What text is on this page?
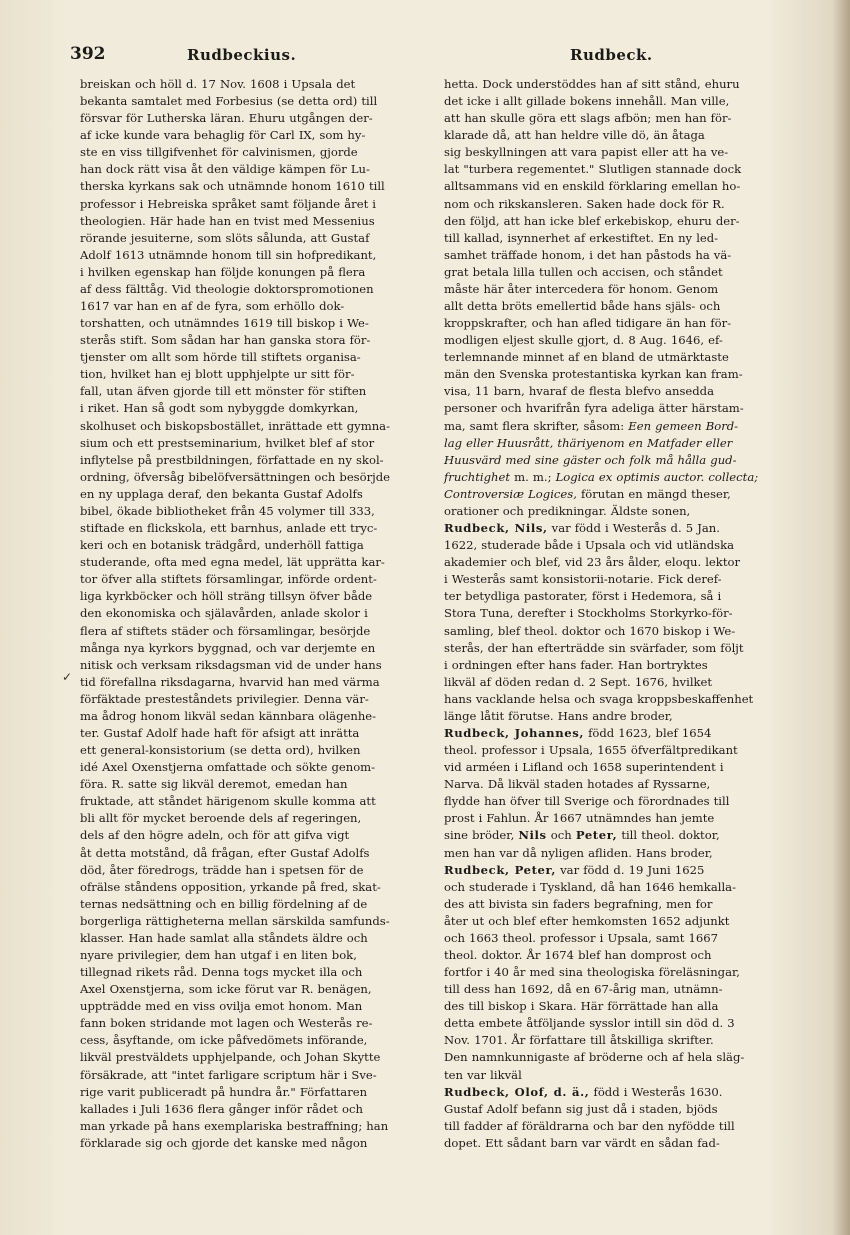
392	Rudbeckius.	Rudbeck.
✓
breiskan och höll d. 17 Nov. 1608 i Upsala det
bekanta samtalet med Forbesius (se detta ord) till
försvar för Lutherska läran. Ehuru utgången der-
af icke kunde vara behaglig för Carl IX, som hy-
ste en viss tillgifvenhet för calvinismen, gjorde
han dock rätt visa åt den väldige kämpen för Lu-
therska kyrkans sak och utnämnde honom 1610 till
professor i Hebreiska språket samt följande året i
theologien. Här hade han en tvist med Messenius
rörande jesuiterne, som slöts sålunda, att Gustaf
Adolf 1613 utnämnde honom till sin hofpredikant,
i hvilken egenskap han följde konungen på flera
af dess fälttåg. Vid theologie doktorspromotionen
1617 var han en af de fyra, som erhöllo dok-
torshatten, och utnämndes 1619 till biskop i We-
sterås stift. Som sådan har han ganska stora för-
tjenster om allt som hörde till stiftets organisa-
tion, hvilket han ej blott upphjelpte ur sitt för-
fall, utan äfven gjorde till ett mönster för stiften
i riket. Han så godt som nybyggde domkyrkan,
skolhuset och biskopsbostället, inrättade ett gymna-
sium och ett prestseminarium, hvilket blef af stor
inflytelse på prestbildningen, författade en ny skol-
ordning, öfversåg bibelöfversättningen och besörjde
en ny upplaga deraf, den bekanta Gustaf Adolfs
bibel, ökade bibliotheket från 45 volymer till 333,
stiftade en flickskola, ett barnhus, anlade ett tryc-
keri och en botanisk trädgård, underhöll fattiga
studerande, ofta med egna medel, lät upprätta kar-
tor öfver alla stiftets församlingar, införde ordent-
liga kyrkböcker och höll sträng tillsyn öfver både
den ekonomiska och själavården, anlade skolor i
flera af stiftets städer och församlingar, besörjde
många nya kyrkors byggnad, och var derjemte en
nitisk och verksam riksdagsman vid de under hans
tid förefallna riksdagarna, hvarvid han med värma
förfäktade presteståndets privilegier. Denna vär-
ma ådrog honom likväl sedan kännbara olägenhe-
ter. Gustaf Adolf hade haft för afsigt att inrätta
ett general-konsistorium (se detta ord), hvilken
idé Axel Oxenstjerna omfattade och sökte genom-
föra. R. satte sig likväl deremot, emedan han
fruktade, att ståndet härigenom skulle komma att
bli allt för mycket beroende dels af regeringen,
dels af den högre adeln, och för att gifva vigt
åt detta motstånd, då frågan, efter Gustaf Adolfs
död, åter föredrogs, trädde han i spetsen för de
ofrälse ståndens opposition, yrkande på fred, skat-
ternas nedsättning och en billig fördelning af de
borgerliga rättigheterna mellan särskilda samfunds-
klasser. Han hade samlat alla ståndets äldre och
nyare privilegier, dem han utgaf i en liten bok,
tillegnad rikets råd. Denna togs mycket illa och
Axel Oxenstjerna, som icke förut var R. benägen,
uppträdde med en viss ovilja emot honom. Man
fann boken stridande mot lagen och Westerås re-
cess, åsyftande, om icke påfvedömets införande,
likväl prestväldets upphjelpande, och Johan Skytte
försäkrade, att "intet farligare scriptum här i Sve-
rige varit publiceradt på hundra år." Författaren
kallades i Juli 1636 flera gånger inför rådet och
man yrkade på hans exemplariska bestraffning; han
förklarade sig och gjorde det kanske med någon
hetta. Dock understöddes han af sitt stånd, ehuru
det icke i allt gillade bokens innehåll. Man ville,
att han skulle göra ett slags afbön; men han för-
klarade då, att han heldre ville dö, än åtaga
sig beskyllningen att vara papist eller att ha ve-
lat "turbera regementet." Slutligen stannade dock
alltsammans vid en enskild förklaring emellan ho-
nom och rikskansleren. Saken hade dock för R.
den följd, att han icke blef erkebiskop, ehuru der-
till kallad, isynnerhet af erkestiftet. En ny led-
samhet träffade honom, i det han påstods ha vä-
grat betala lilla tullen och accisen, och ståndet
måste här åter intercedera för honom. Genom
allt detta bröts emellertid både hans själs- och
kroppskrafter, och han afled tidigare än han för-
modligen eljest skulle gjort, d. 8 Aug. 1646, ef-
terlemnande minnet af en bland de utmärktaste
män den Svenska protestantiska kyrkan kan fram-
visa, 11 barn, hvaraf de flesta blefvo ansedda
personer och hvarifrån fyra adeliga ätter härstam-
ma, samt flera skrifter, såsom: Een gemeen Bord-
lag eller Huusrått, thäriyenom en Matfader eller
Huusvärd med sine gäster och folk må hålla gud-
fruchtighet m. m.; Logica ex optimis auctor. collecta;
Controversiæ Logices, förutan en mängd theser,
orationer och predikningar. Äldste sonen,
Rudbeck, Nils, var född i Westerås d. 5 Jan.
1622, studerade både i Upsala och vid utländska
akademier och blef, vid 23 års ålder, eloqu. lektor
i Westerås samt konsistorii-notarie. Fick deref-
ter betydliga pastorater, först i Hedemora, så i
Stora Tuna, derefter i Stockholms Storkyrko-för-
samling, blef theol. doktor och 1670 biskop i We-
sterås, der han efterträdde sin svärfader, som följt
i ordningen efter hans fader. Han bortryktes
likväl af döden redan d. 2 Sept. 1676, hvilket
hans vacklande helsa och svaga kroppsbeskaffenhet
länge låtit förutse. Hans andre broder,
Rudbeck, Johannes, född 1623, blef 1654
theol. professor i Upsala, 1655 öfverfältpredikant
vid arméen i Lifland och 1658 superintendent i
Narva. Då likväl staden hotades af Ryssarne,
flydde han öfver till Sverige och förordnades till
prost i Fahlun. År 1667 utnämndes han jemte
sine bröder, Nils och Peter, till theol. doktor,
men han var då nyligen afliden. Hans broder,
Rudbeck, Peter, var född d. 19 Juni 1625
och studerade i Tyskland, då han 1646 hemkalla-
des att bivista sin faders begrafning, men for
åter ut och blef efter hemkomsten 1652 adjunkt
och 1663 theol. professor i Upsala, samt 1667
theol. doktor. År 1674 blef han domprost och
fortfor i 40 år med sina theologiska föreläsningar,
till dess han 1692, då en 67-årig man, utnämn-
des till biskop i Skara. Här förrättade han alla
detta embete åtföljande sysslor intill sin död d. 3
Nov. 1701. År författare till åtskilliga skrifter.
Den namnkunnigaste af bröderne och af hela släg-
ten var likväl
Rudbeck, Olof, d. ä., född i Westerås 1630.
Gustaf Adolf befann sig just då i staden, bjöds
till fadder af föräldrarna och bar den nyfödde till
dopet. Ett sådant barn var värdt en sådan fad-
